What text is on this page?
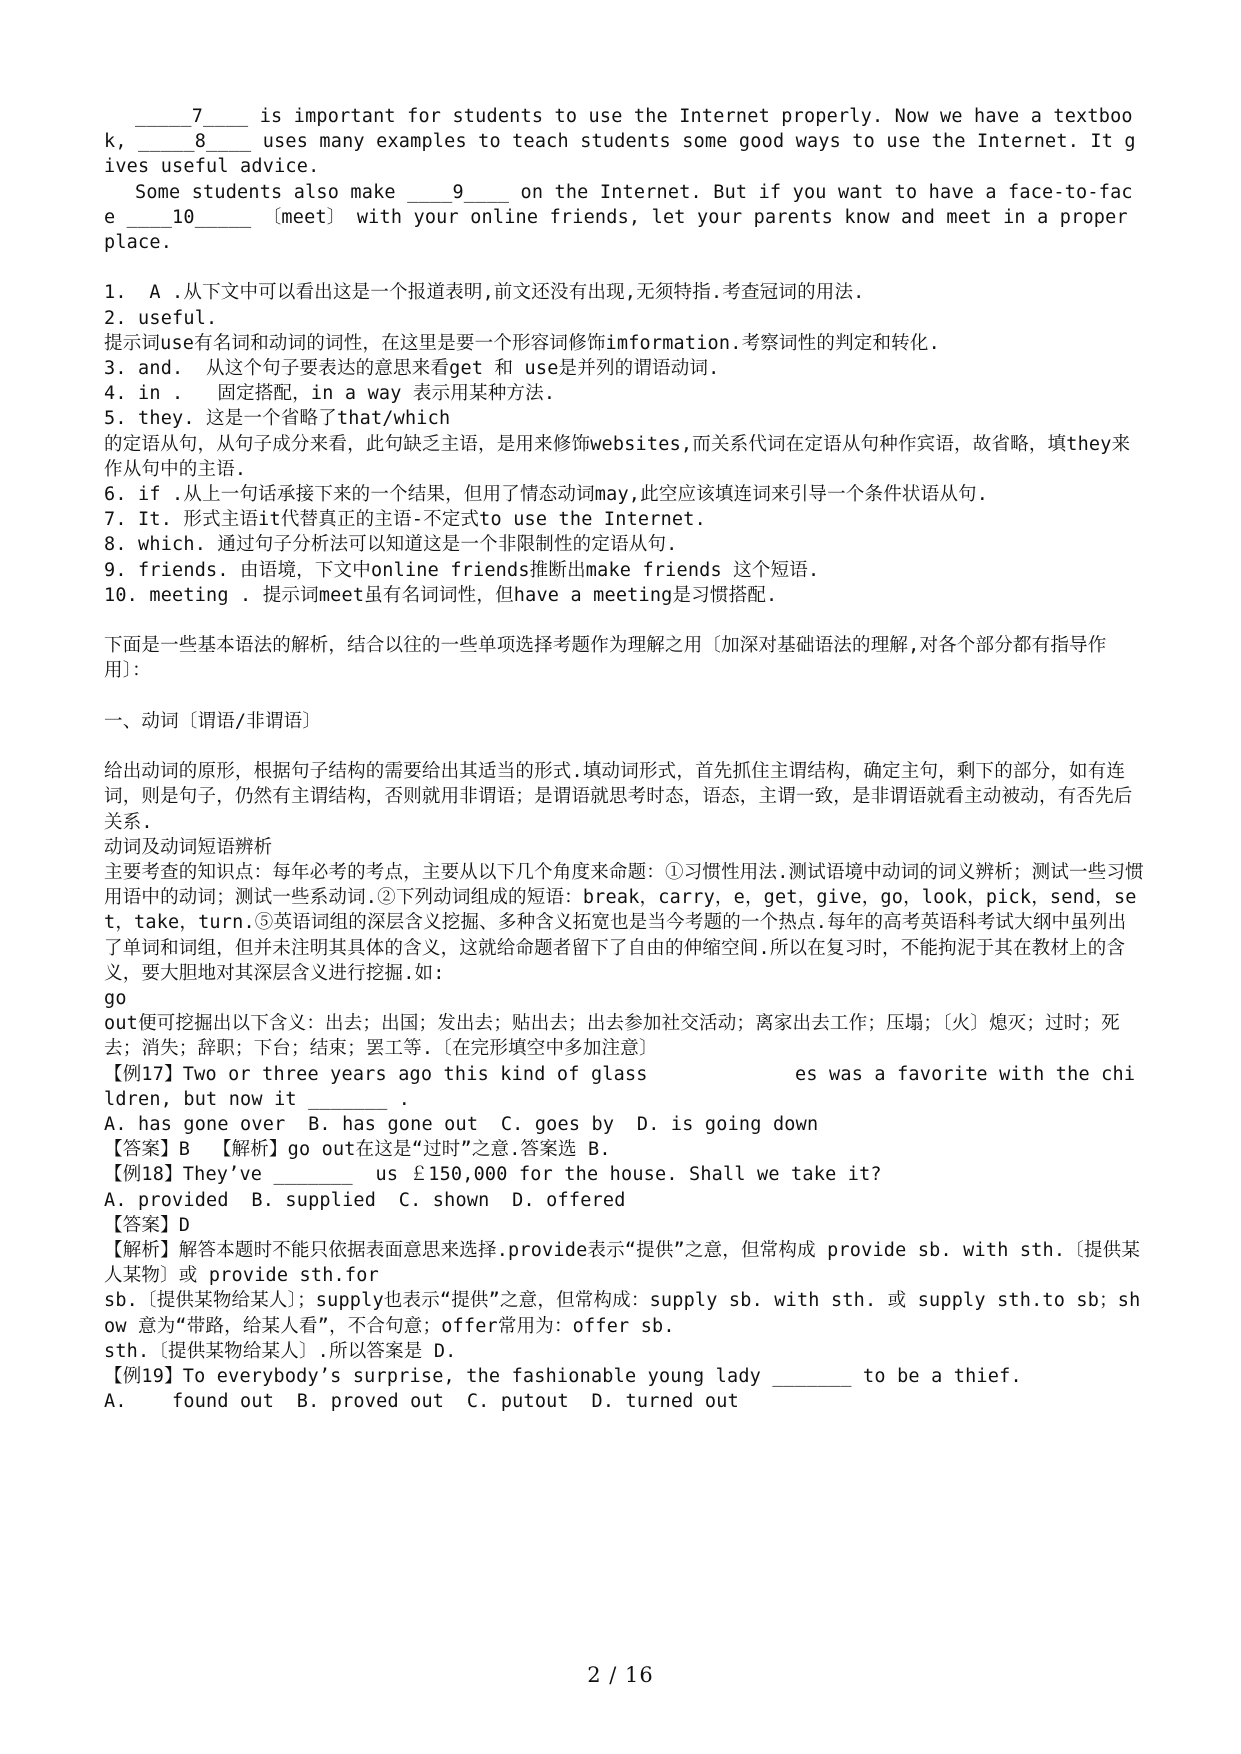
_____7____ is important for students to use the Internet properly. Now we have a textbook, _____8____ uses many examples to teach students some good ways to use the Internet. It gives useful advice.

Some students also make ____9____ on the Internet. But if you want to have a face-to-face ____10_____ 〔meet〕 with your online friends, let your parents know and meet in a proper place.

1.  A .从下文中可以看出这是一个报道表明,前文还没有出现,无须特指.考查冠词的用法.

2. useful.

提示词use有名词和动词的词性，在这里是要一个形容词修饰imformation.考察词性的判定和转化.

3. and.  从这个句子要表达的意思来看get 和 use是并列的谓语动词.

4. in .   固定搭配，in a way 表示用某种方法.

5. they. 这是一个省略了that/which

的定语从句，从句子成分来看，此句缺乏主语，是用来修饰websites,而关系代词在定语从句种作宾语，故省略，填they来作从句中的主语.

6. if .从上一句话承接下来的一个结果，但用了情态动词may,此空应该填连词来引导一个条件状语从句.

7. It. 形式主语it代替真正的主语-不定式to use the Internet.

8. which. 通过句子分析法可以知道这是一个非限制性的定语从句.

9. friends. 由语境，下文中online friends推断出make friends 这个短语.

10. meeting . 提示词meet虽有名词词性，但have a meeting是习惯搭配.

下面是一些基本语法的解析，结合以往的一些单项选择考题作为理解之用〔加深对基础语法的理解,对各个部分都有指导作用〕：

一、动词〔谓语/非谓语〕

给出动词的原形，根据句子结构的需要给出其适当的形式.填动词形式，首先抓住主谓结构，确定主句，剩下的部分，如有连词，则是句子，仍然有主谓结构，否则就用非谓语；是谓语就思考时态，语态，主谓一致，是非谓语就看主动被动，有否先后关系.

动词及动词短语辨析

主要考查的知识点：每年必考的考点，主要从以下几个角度来命题：①习惯性用法.测试语境中动词的词义辨析；测试一些习惯用语中的动词；测试一些系动词.②下列动词组成的短语：break，carry，e，get，give，go，look，pick，send，set，take，turn.⑤英语词组的深层含义挖掘、多种含义拓宽也是当今考题的一个热点.每年的高考英语科考试大纲中虽列出了单词和词组，但并未注明其具体的含义，这就给命题者留下了自由的伸缩空间.所以在复习时，不能拘泥于其在教材上的含义，要大胆地对其深层含义进行挖掘.如:

go

out便可挖掘出以下含义：出去；出国；发出去；贴出去；出去参加社交活动；离家出去工作；压塌；〔火〕熄灭；过时；死去；消失；辞职；下台；结束；罢工等.〔在完形填空中多加注意〕

【例17】Two or three years ago this kind of glass             es was a favorite with the children, but now it _______ .

A. has gone over  B. has gone out  C. goes by  D. is going down

【答案】B  【解析】go out在这是“过时”之意.答案选 B.

【例18】They’ve _______  us ￡150,000 for the house. Shall we take it?

A. provided  B. supplied  C. shown  D. offered

【答案】D

【解析】解答本题时不能只依据表面意思来选择.provide表示“提供”之意，但常构成 provide sb. with sth.〔提供某人某物〕或 provide sth.for

sb.〔提供某物给某人〕；supply也表示“提供”之意，但常构成：supply sb. with sth. 或 supply sth.to sb；show 意为“带路，给某人看”，不合句意；offer常用为：offer sb.

sth.〔提供某物给某人〕.所以答案是 D.

【例19】To everybody’s surprise, the fashionable young lady _______ to be a thief.

A.    found out  B. proved out  C. putout  D. turned out

2 / 16
